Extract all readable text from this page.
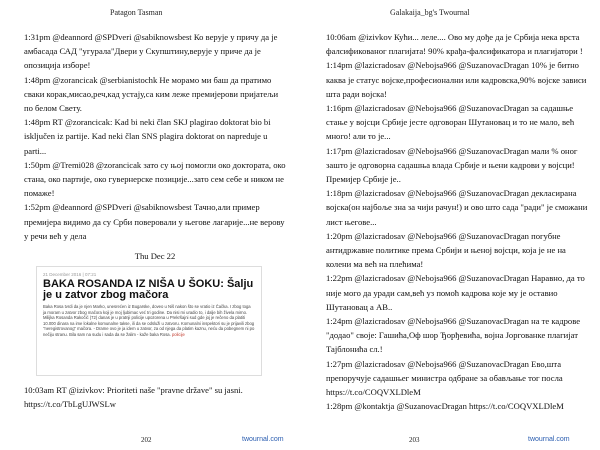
Patagon Tasman

1:31pm @deannord @SPDveri @sabiknowsbest Ко верује у причу да је амбасада САД "угурала"Двери у Скупштину,верује у приче да је опозиција изборе!

1:48pm @zorancicak @serbianistochk Не морамо ми баш да пратимо сваки корак,мисао,реч,кад устају,са ким леже премијерови пријатељи по белом Свету.

1:48pm RT @zorancicak: Kad bi neki član SKJ plagirao doktorat bio bi isključen iz partije. Kad neki član SNS plagira doktorat on napreduje u parti...

1:50pm @Tremi028 @zorancicak зато су њој помогли око доктората, око стана, око партије, око гувернерске позиције...зато сем себе и ником не помаже!

1:52pm @deannord @SPDveri @sabiknowsbest Тачно,али пример премијера видимо да су Срби поверовали у његове лагарије...не верову у речи већ у дела

Thu Dec 22
21 December 2016 | 07:21
BAKA ROSANDA IZ NIŠA U ŠOKU: Šalju je u zatvor zbog mačora
Baka Rosa tvrdi da je njen Marko, unesrećen iz Bugarske, doveo u Niš nakon što se vratio iz Čačka. I zbog toga ja moram u zatvor zbog mačora koji je moj ljubimac već tri godine. Da nisi mi uradio to, i dalje bih živela mirno. Milijka Rosanda Rakočić (72) danas je u pratnji policije upozorena u Prekršajni sud gde joj je rečeno da platiti 10.000 dinara na ime lokalne komunalne takse, ili da se odsluži u zatvoru. Komunalni inspektori su je prijavili zbog "neregistrovanog" mačora. - Drame ovo je ja idem u zatvor, za od njega da platim kaznu, neću da pobegnem ni po nečiju stranu. Bila sam na sudu i sada da se žalim - kaže baka Rosa. policije
10:03am RT @izivkov: Prioriteti naše "pravne države" su jasni. https://t.co/TbLgUJWSLw
202	twournal.com
Galakaija_bg's Twournal

10:06am @izivkov Кући... леле.... Ово му дође да је Србија нека врста фалсификованог плагијата! 90% крађа-фалсификатора и плагијатори !

1:14pm @lazicradosav @Nebojsa966 @SuzanovacDragan 10% је битно каква је статус војске,професионални или кадровска,90% војске зависи шта ради војска!

1:16pm @lazicradosav @Nebojsa966 @SuzanovacDragan за садашње стање у војсци Србије јесте одговоран Шутановац и то не мало, већ много! али то је...

1:17pm @lazicradosav @Nebojsa966 @SuzanovacDragan мали % оног зашто је одговорна садашња влада Србије и њени кадрови у војсци! Премијер Србије је..

1:18pm @lazicradosav @Nebojsa966 @SuzanovacDragan декласирана војска(он најбоље зна за чији рачун!) и ово што сада "ради" је сможани лист његове...

1:20pm @lazicradosav @Nebojsa966 @SuzanovacDragan погубне антидржавне политике према Србији и њеној војсци, која је не на колени мa већ на плећима!

1:22pm @lazicradosav @Nebojsa966 @SuzanovacDragan Наравно, да то није мого да уради сам,већ уз помоћ кадрова које му је оставио Шутановац а АВ..

1:24pm @lazicradosav @Nebojsa966 @SuzanovacDragan на те кадрове "додао" своје: Гашића,Оф шор Ђорђевића, војна Јоргованке плагијат Тајблонића сл.!

1:27pm @lazicradosav @Nebojsa966 @SuzanovacDragan Ево,шта препоручује садашњег министра одбране за обављање тог посла https://t.co/COQVXLDleM

1:28pm @kontaktja @SuzanovacDragan https://t.co/COQVXLDleM

203	twournal.com
